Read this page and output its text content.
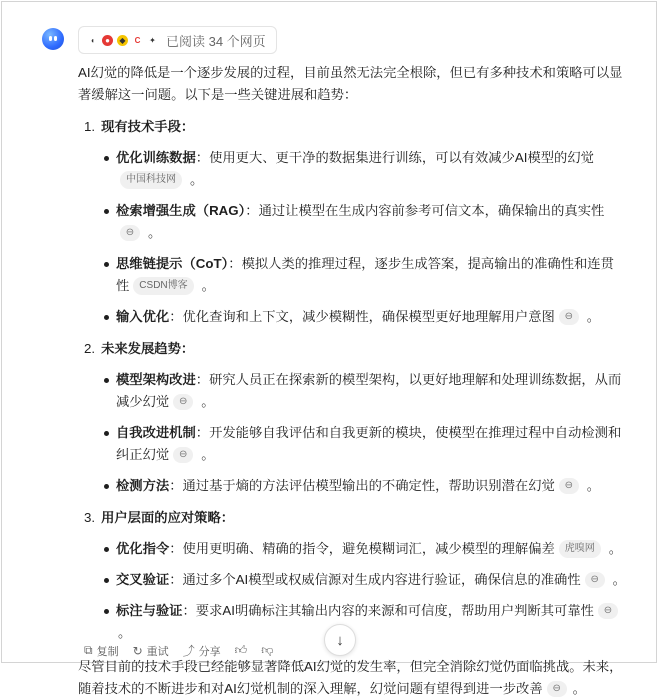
◖	●	◆	C	✦ 已阅读 34 个网页

AI幻觉的降低是一个逐步发展的过程，目前虽然无法完全根除，但已有多种技术和策略可以显著缓解这一问题。以下是一些关键进展和趋势：

1. 现有技术手段：
优化训练数据：使用更大、更干净的数据集进行训练，可以有效减少AI模型的幻觉中国科技网 。
检索增强生成（RAG）：通过让模型在生成内容前参考可信文本，确保输出的真实性⊖ 。
思维链提示（CoT）：模拟人类的推理过程，逐步生成答案，提高输出的准确性和连贯性 CSDN博客 。
输入优化：优化查询和上下文，减少模糊性，确保模型更好地理解用户意图 ⊖ 。
2. 未来发展趋势：
模型架构改进：研究人员正在探索新的模型架构，以更好地理解和处理训练数据，从而减少幻觉 ⊖ 。
自我改进机制：开发能够自我评估和自我更新的模块，使模型在推理过程中自动检测和纠正幻觉 ⊖ 。
检测方法：通过基于熵的方法评估模型输出的不确定性，帮助识别潜在幻觉 ⊖ 。
3. 用户层面的应对策略：
优化指令：使用更明确、精确的指令，避免模糊词汇，减少模型的理解偏差 虎嗅网 。
交叉验证：通过多个AI模型或权威信源对生成内容进行验证，确保信息的准确性 ⊖ 。
标注与验证：要求AI明确标注其输出内容的来源和可信度，帮助用户判断其可靠性 ⊖。

尽管目前的技术手段已经能够显著降低AI幻觉的发生率，但完全消除幻觉仍面临挑战。未来，随着技术的不断进步和对AI幻觉机制的深入理解，幻觉问题有望得到进一步改善 ⊖ 。

⧉ 复制 ↻ 重试 ⤴ 分享 👍︎ 👎︎
↓
